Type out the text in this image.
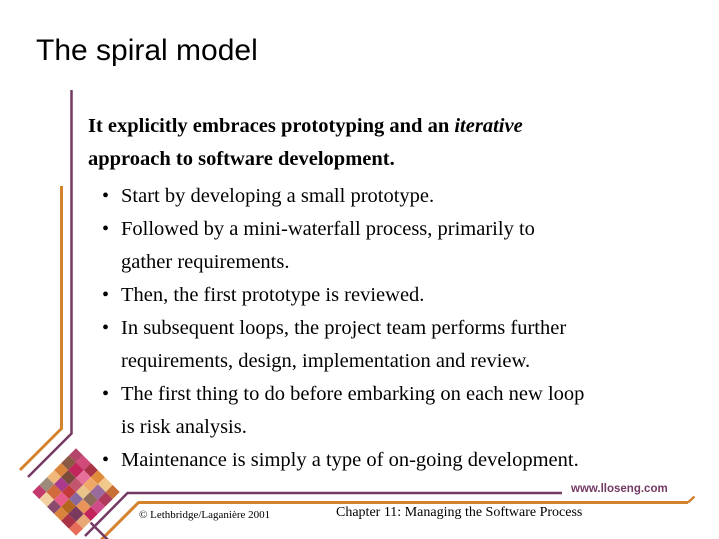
The spiral model
It explicitly embraces prototyping and an iterative
approach to software development.
• Start by developing a small prototype.
• Followed by a mini-waterfall process, primarily to
gather requirements.
• Then, the first prototype is reviewed.
• In subsequent loops, the project team performs further
requirements, design, implementation and review.
• The first thing to do before embarking on each new loop
is risk analysis.
• Maintenance is simply a type of on-going development.
www.lloseng.com
© Lethbridge/Laganière 2001	Chapter 11: Managing the Software Process
